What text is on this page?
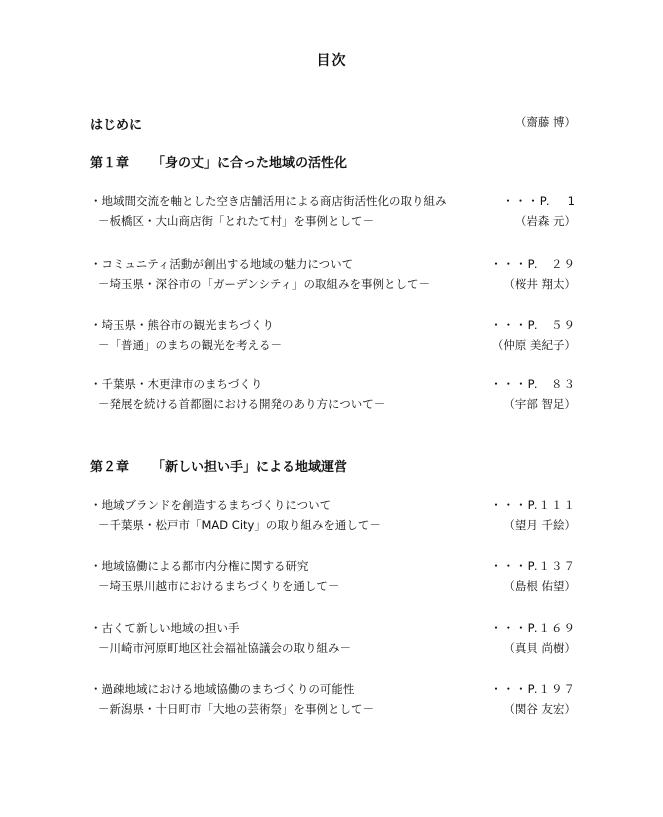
目次
はじめに	（齋藤 博）
第１章 「身の丈」に合った地域の活性化
・地域間交流を軸とした空き店舗活用による商店街活性化の取り組み	・・・P.　 1
－板橋区・大山商店街「とれたて村」を事例として－	（岩森 元）
・コミュニティ活動が創出する地域の魅力について	・・・P.　２９
－埼玉県・深谷市の「ガーデンシティ」の取組みを事例として－	（桜井 翔太）
・埼玉県・熊谷市の観光まちづくり	・・・P.　５９
－「普通」のまちの観光を考える－	（仲原 美紀子）
・千葉県・木更津市のまちづくり	・・・P.　８３
－発展を続ける首都圏における開発のあり方について－	（宇部 智足）
第２章 「新しい担い手」による地域運営
・地域ブランドを創造するまちづくりについて	・・・P.１１１
－千葉県・松戸市「MAD City」の取り組みを通して－	（望月 千絵）
・地域協働による都市内分権に関する研究	・・・P.１３７
－埼玉県川越市におけるまちづくりを通して－	（島根 佑望）
・古くて新しい地域の担い手	・・・P.１６９
－川崎市河原町地区社会福祉協議会の取り組み－	（真貝 尚樹）
・過疎地域における地域協働のまちづくりの可能性	・・・P.１９７
－新潟県・十日町市「大地の芸術祭」を事例として－	（関谷 友宏）
